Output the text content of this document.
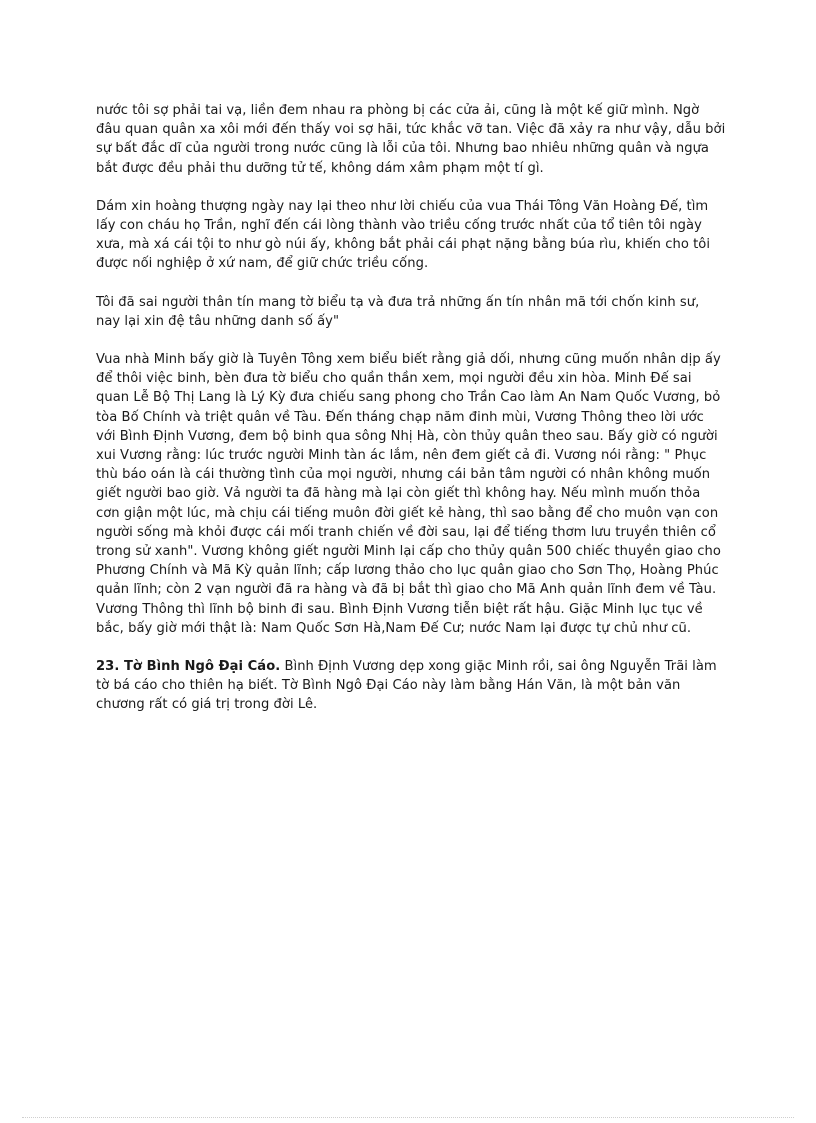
nước tôi sợ phải tai vạ, liền đem nhau ra phòng bị các cửa ải, cũng là một kế giữ mình. Ngờ đâu quan quân xa xôi mới đến thấy voi sợ hãi, tức khắc vỡ tan. Việc đã xảy ra như vậy, dẫu bởi sự bất đắc dĩ của người trong nước cũng là lỗi của tôi. Nhưng bao nhiêu những quân và ngựa bắt được đều phải thu dưỡng tử tế, không dám xâm phạm một tí gì.

Dám xin hoàng thượng ngày nay lại theo như lời chiếu của vua Thái Tông Văn Hoàng Đế, tìm lấy con cháu họ Trần, nghĩ đến cái lòng thành vào triều cống trước nhất của tổ tiên tôi ngày xưa, mà xá cái tội to như gò núi ấy, không bắt phải cái phạt nặng bằng búa rìu, khiến cho tôi được nối nghiệp ở xứ nam, để giữ chức triều cống.

Tôi đã sai người thân tín mang tờ biểu tạ và đưa trả những ấn tín nhân mã tới chốn kinh sư, nay lại xin đệ tâu những danh số ấy"

Vua nhà Minh bấy giờ là Tuyên Tông xem biểu biết rằng giả dối, nhưng cũng muốn nhân dịp ấy để thôi việc binh, bèn đưa tờ biểu cho quần thần xem, mọi người đều xin hòa. Minh Đế sai quan Lễ Bộ Thị Lang là Lý Kỳ đưa chiếu sang phong cho Trần Cao làm An Nam Quốc Vương, bỏ tòa Bố Chính và triệt quân về Tàu. Đến tháng chạp năm đinh mùi, Vương Thông theo lời ước với Bình Định Vương, đem bộ binh qua sông Nhị Hà, còn thủy quân theo sau. Bấy giờ có người xui Vương rằng: lúc trước người Minh tàn ác lắm, nên đem giết cả đi. Vương nói rằng: " Phục thù báo oán là cái thường tình của mọi người, nhưng cái bản tâm người có nhân không muốn giết người bao giờ. Vả người ta đã hàng mà lại còn giết thì không hay. Nếu mình muốn thỏa cơn giận một lúc, mà chịu cái tiếng muôn đời giết kẻ hàng, thì sao bằng để cho muôn vạn con người sống mà khỏi được cái mối tranh chiến về đời sau, lại để tiếng thơm lưu truyền thiên cổ trong sử xanh". Vương không giết người Minh lại cấp cho thủy quân 500 chiếc thuyền giao cho Phương Chính và Mã Kỳ quản lĩnh; cấp lương thảo cho lục quân giao cho Sơn Thọ, Hoàng Phúc quản lĩnh; còn 2 vạn người đã ra hàng và đã bị bắt thì giao cho Mã Anh quản lĩnh đem về Tàu. Vương Thông thì lĩnh bộ binh đi sau. Bình Định Vương tiễn biệt rất hậu. Giặc Minh lục tục về bắc, bấy giờ mới thật là: Nam Quốc Sơn Hà,Nam Đế Cư; nước Nam lại được tự chủ như cũ.

23. Tờ Bình Ngô Đại Cáo. Bình Định Vương dẹp xong giặc Minh rồi, sai ông Nguyễn Trãi làm tờ bá cáo cho thiên hạ biết. Tờ Bình Ngô Đại Cáo này làm bằng Hán Văn, là một bản văn chương rất có giá trị trong đời Lê.
